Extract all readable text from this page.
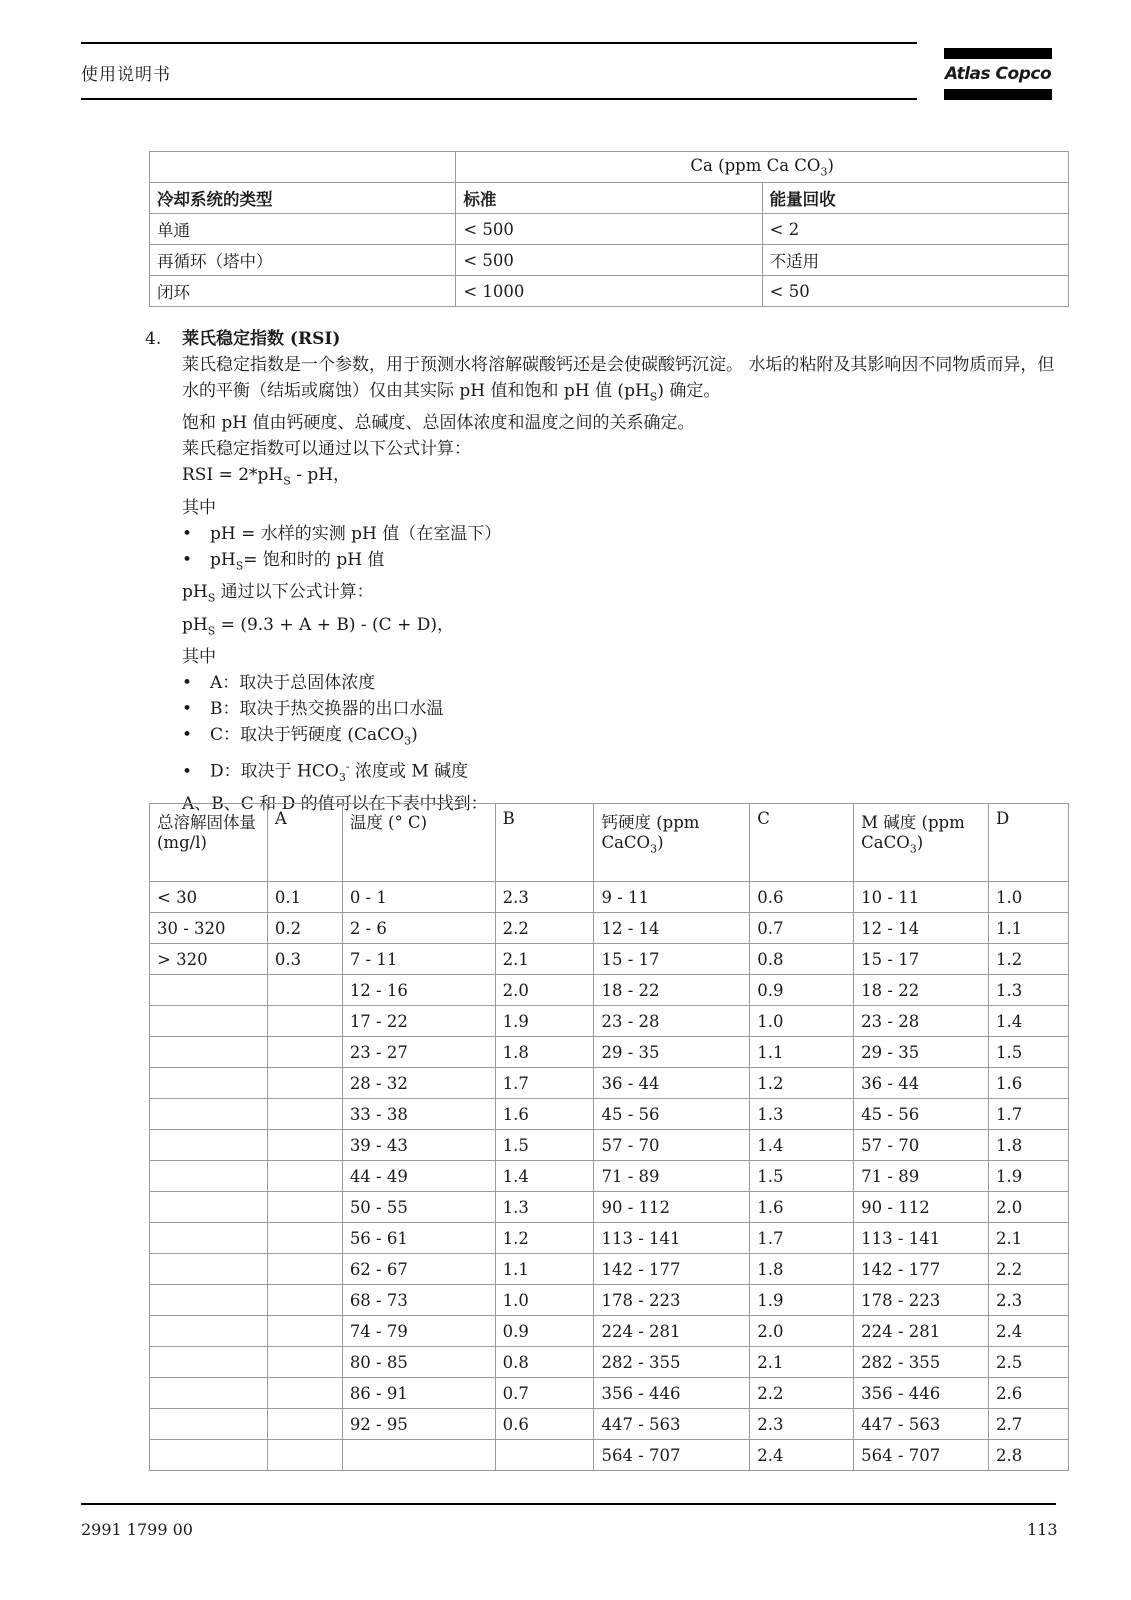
使用说明书	Atlas Copco
	Ca (ppm Ca $CO_3$)	
冷却系统的类型	标准	能量回收
单通	< 500	< 2
再循环（塔中）	< 500	不适用
闭环	< 1000	< 50
4. 莱氏稳定指数 (RSI)

莱氏稳定指数是一个参数，用于预测水将溶解碳酸钙还是会使碳酸钙沉淀。 水垢的粘附及其影响因不同物质而异，但水的平衡（结垢或腐蚀）仅由其实际 pH 值和饱和 pH 值 $(pH_S)$ 确定。

饱和 pH 值由钙硬度、总碱度、总固体浓度和温度之间的关系确定。

莱氏稳定指数可以通过以下公式计算：

RSI = $2*pH_S$ - pH，

其中

• pH = 水样的实测 pH 值（在室温下）

• $pH_S=$ 饱和时的 pH 值

$pH_S$ 通过以下公式计算：

$pH_S = (9.3 + A + B) - (C + D)$，

其中

• A：取决于总固体浓度

• B：取决于热交换器的出口水温

• C：取决于钙硬度 (CaCO$_3$)

• D：取决于 $HCO_3^-$ 浓度或 M 碱度

A、B、C 和 D 的值可以在下表中找到：

总溶解固体量
(mg/l)	A	温度 (° C)	B	钙硬度 (ppm
CaCO$_3$)	C	M 碱度 (ppm
CaCO$_3$)	D
< 30	0.1	0 - 1	2.3	9 - 11	0.6	10 - 11	1.0
30 - 320	0.2	2 - 6	2.2	12 - 14	0.7	12 - 14	1.1
> 320	0.3	7 - 11	2.1	15 - 17	0.8	15 - 17	1.2
		12 - 16	2.0	18 - 22	0.9	18 - 22	1.3
		17 - 22	1.9	23 - 28	1.0	23 - 28	1.4
		23 - 27	1.8	29 - 35	1.1	29 - 35	1.5
		28 - 32	1.7	36 - 44	1.2	36 - 44	1.6
		33 - 38	1.6	45 - 56	1.3	45 - 56	1.7
		39 - 43	1.5	57 - 70	1.4	57 - 70	1.8
		44 - 49	1.4	71 - 89	1.5	71 - 89	1.9
		50 - 55	1.3	90 - 112	1.6	90 - 112	2.0
		56 - 61	1.2	113 - 141	1.7	113 - 141	2.1
		62 - 67	1.1	142 - 177	1.8	142 - 177	2.2
		68 - 73	1.0	178 - 223	1.9	178 - 223	2.3
		74 - 79	0.9	224 - 281	2.0	224 - 281	2.4
		80 - 85	0.8	282 - 355	2.1	282 - 355	2.5
		86 - 91	0.7	356 - 446	2.2	356 - 446	2.6
		92 - 95	0.6	447 - 563	2.3	447 - 563	2.7
				564 - 707	2.4	564 - 707	2.8
2991 1799 00	113
